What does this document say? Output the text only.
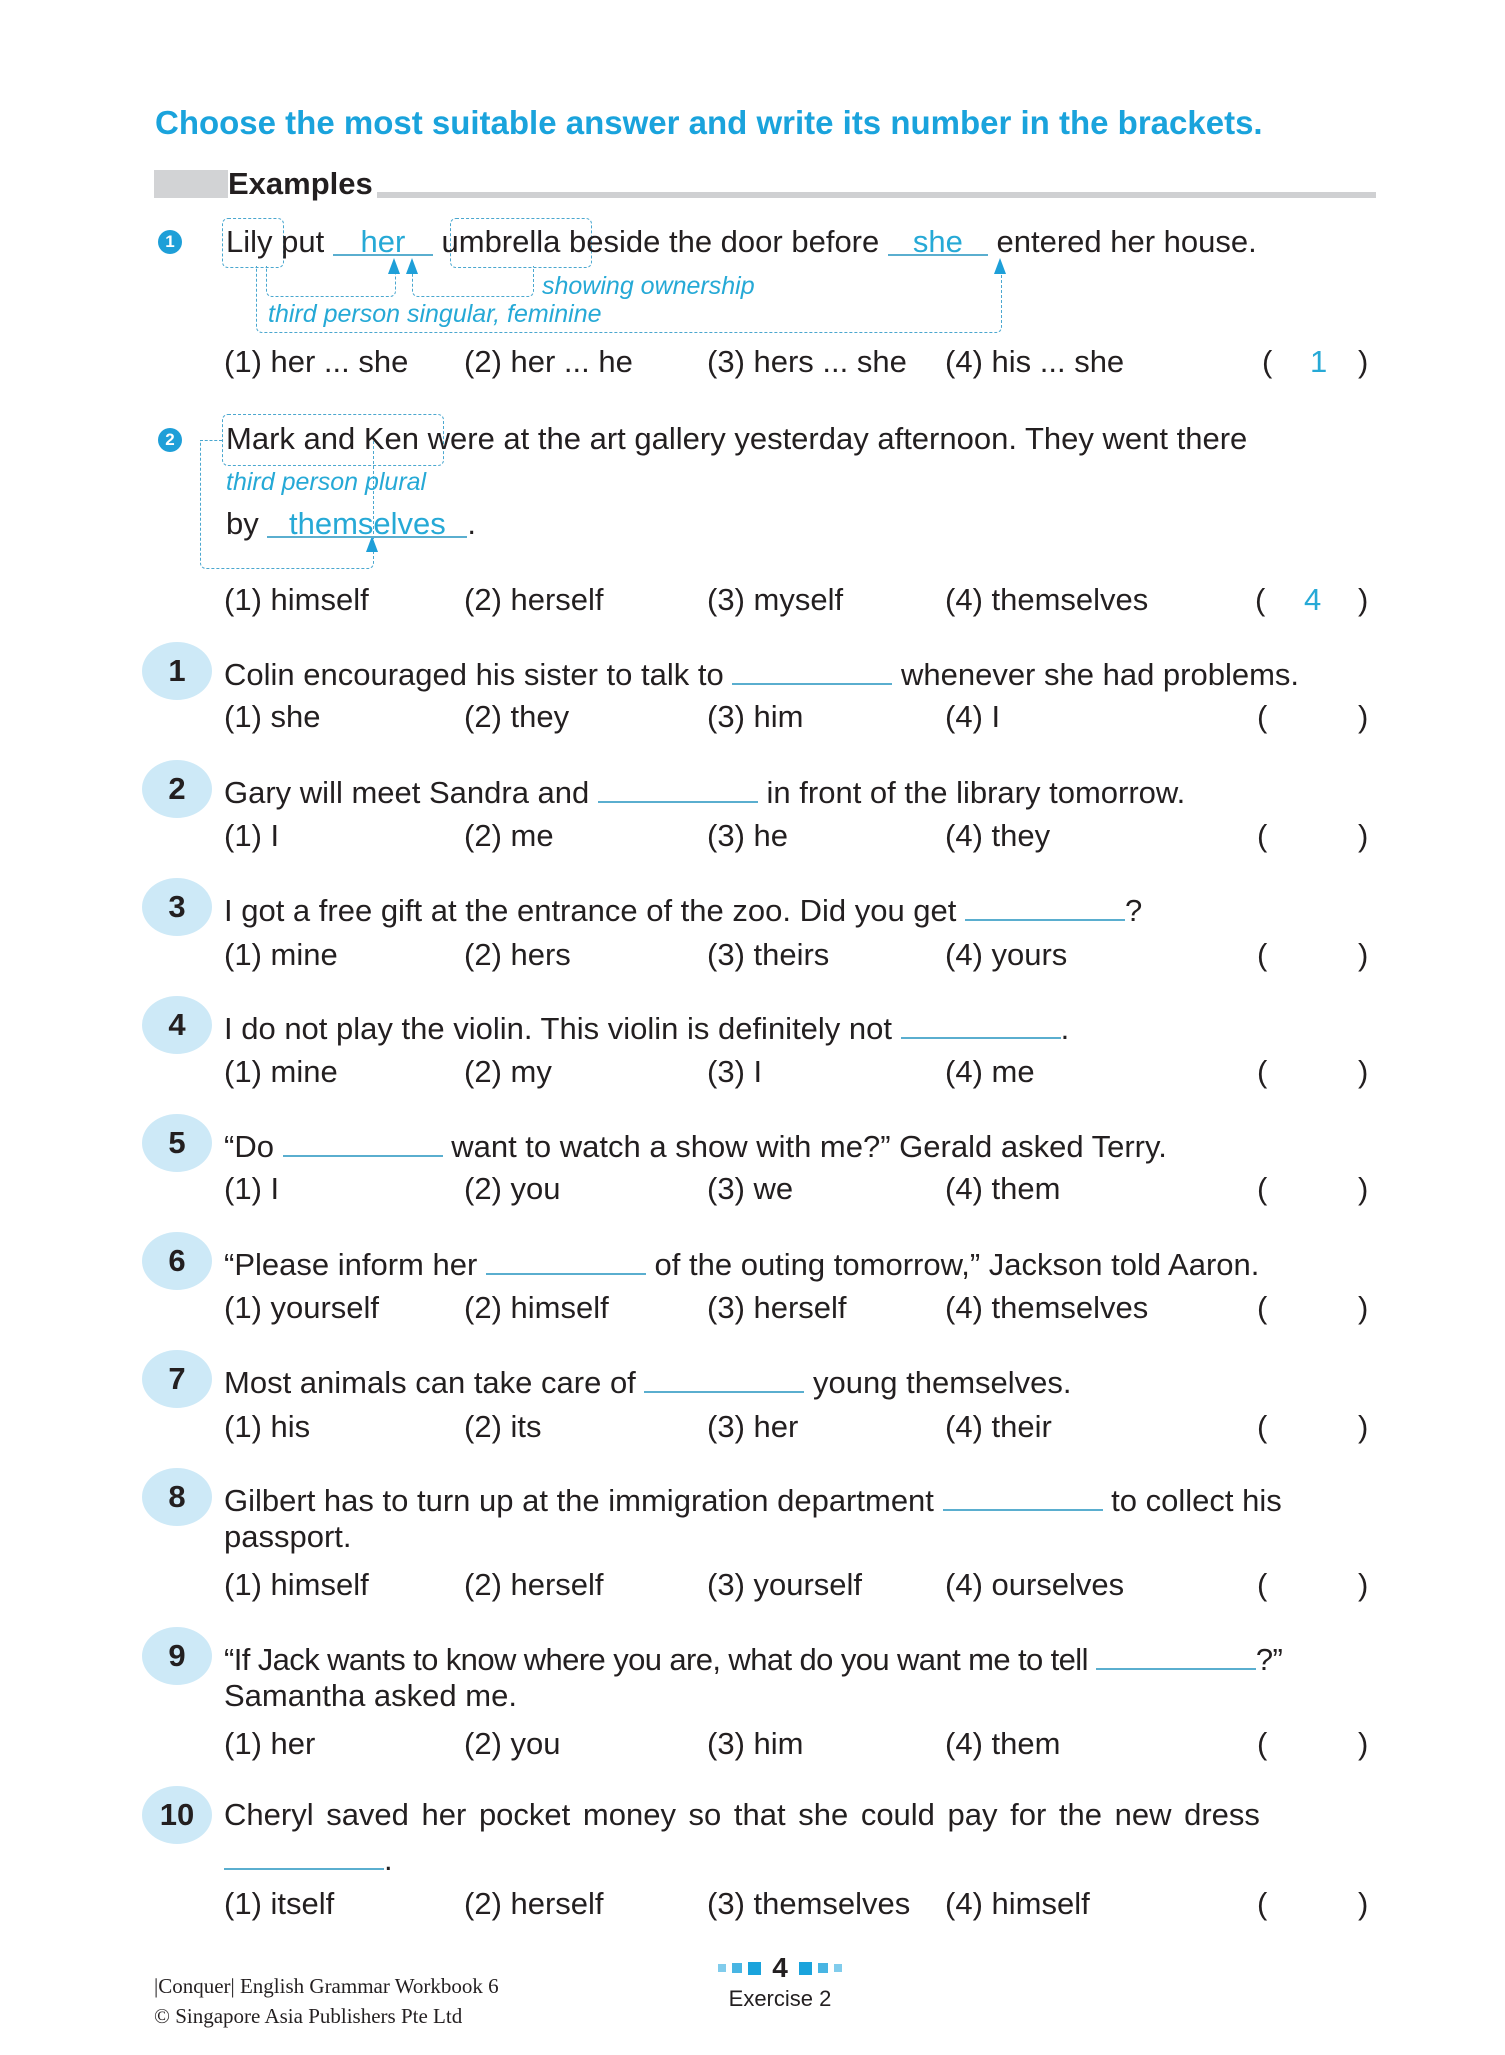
Choose the most suitable answer and write its number in the brackets.
Examples
1 Lily put her umbrella beside the door before she entered her house.
showing ownership
third person singular, feminine
(1) her ... she (2) her ... he (3) hers ... she (4) his ... she	( 1 )
2 Mark and Ken were at the art gallery yesterday afternoon. They went there
third person plural
by themselves .
(1) himself	(2) herself	(3) myself	(4) themselves	( 4 )
1	Colin encouraged his sister to talk to	whenever she had problems.
(1) she	(2) they	(3) him	(4) I	(	)
2	Gary will meet Sandra and	in front of the library tomorrow.
(1) I	(2) me	(3) he	(4) they	(	)
3	I got a free gift at the entrance of the zoo. Did you get	?
(1) mine	(2) hers	(3) theirs	(4) yours	(	)
4	I do not play the violin. This violin is definitely not	.
(1) mine	(2) my	(3) I	(4) me	(	)
5	“Do	want to watch a show with me?” Gerald asked Terry.
(1) I	(2) you	(3) we	(4) them	(	)
6	“Please inform her	of the outing tomorrow,” Jackson told Aaron.
(1) yourself	(2) himself	(3) herself	(4) themselves	(	)
7	Most animals can take care of	young themselves.
(1) his	(2) its	(3) her	(4) their	(	)
8	Gilbert has to turn up at the immigration department	to collect his
passport.
(1) himself	(2) herself	(3) yourself	(4) ourselves	(	)
9	“If Jack wants to know where you are, what do you want me to tell	?”
Samantha asked me.
(1) her	(2) you	(3) him	(4) them	(	)
10 Cheryl saved her pocket money so that she could pay for the new dress
.
(1) itself	(2) herself	(3) themselves (4) himself	(	)
|Conquer| English Grammar Workbook 6
© Singapore Asia Publishers Pte Ltd
4
Exercise 2
